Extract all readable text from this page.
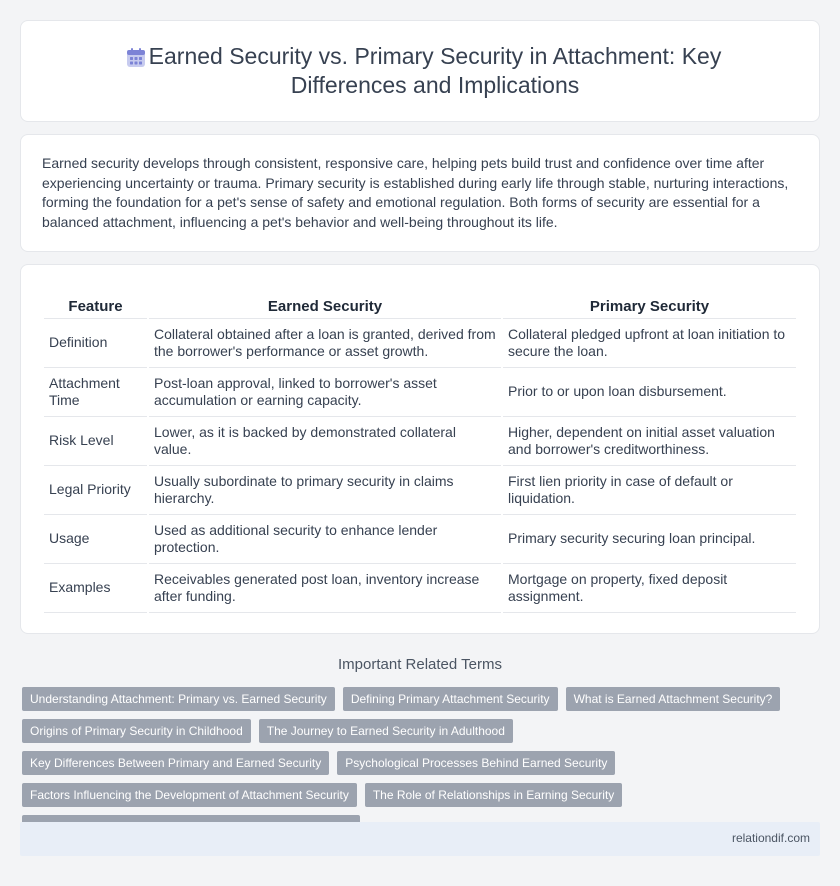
Earned Security vs. Primary Security in Attachment: Key Differences and Implications

Earned security develops through consistent, responsive care, helping pets build trust and confidence over time after experiencing uncertainty or trauma. Primary security is established during early life through stable, nurturing interactions, forming the foundation for a pet's sense of safety and emotional regulation. Both forms of security are essential for a balanced attachment, influencing a pet's behavior and well-being throughout its life.

Feature	Earned Security	Primary Security
Definition	Collateral obtained after a loan is granted, derived from the borrower's performance or asset growth.	Collateral pledged upfront at loan initiation to secure the loan.
Attachment Time	Post-loan approval, linked to borrower's asset accumulation or earning capacity.	Prior to or upon loan disbursement.
Risk Level	Lower, as it is backed by demonstrated collateral value.	Higher, dependent on initial asset valuation and borrower's creditworthiness.
Legal Priority	Usually subordinate to primary security in claims hierarchy.	First lien priority in case of default or liquidation.
Usage	Used as additional security to enhance lender protection.	Primary security securing loan principal.
Examples	Receivables generated post loan, inventory increase after funding.	Mortgage on property, fixed deposit assignment.
Important Related Terms
Understanding Attachment: Primary vs. Earned Security	Defining Primary Attachment Security	What is Earned Attachment Security?
Origins of Primary Security in Childhood	The Journey to Earned Security in Adulthood
Key Differences Between Primary and Earned Security	Psychological Processes Behind Earned Security
Factors Influencing the Development of Attachment Security	The Role of Relationships in Earning Security
relationdif.com
